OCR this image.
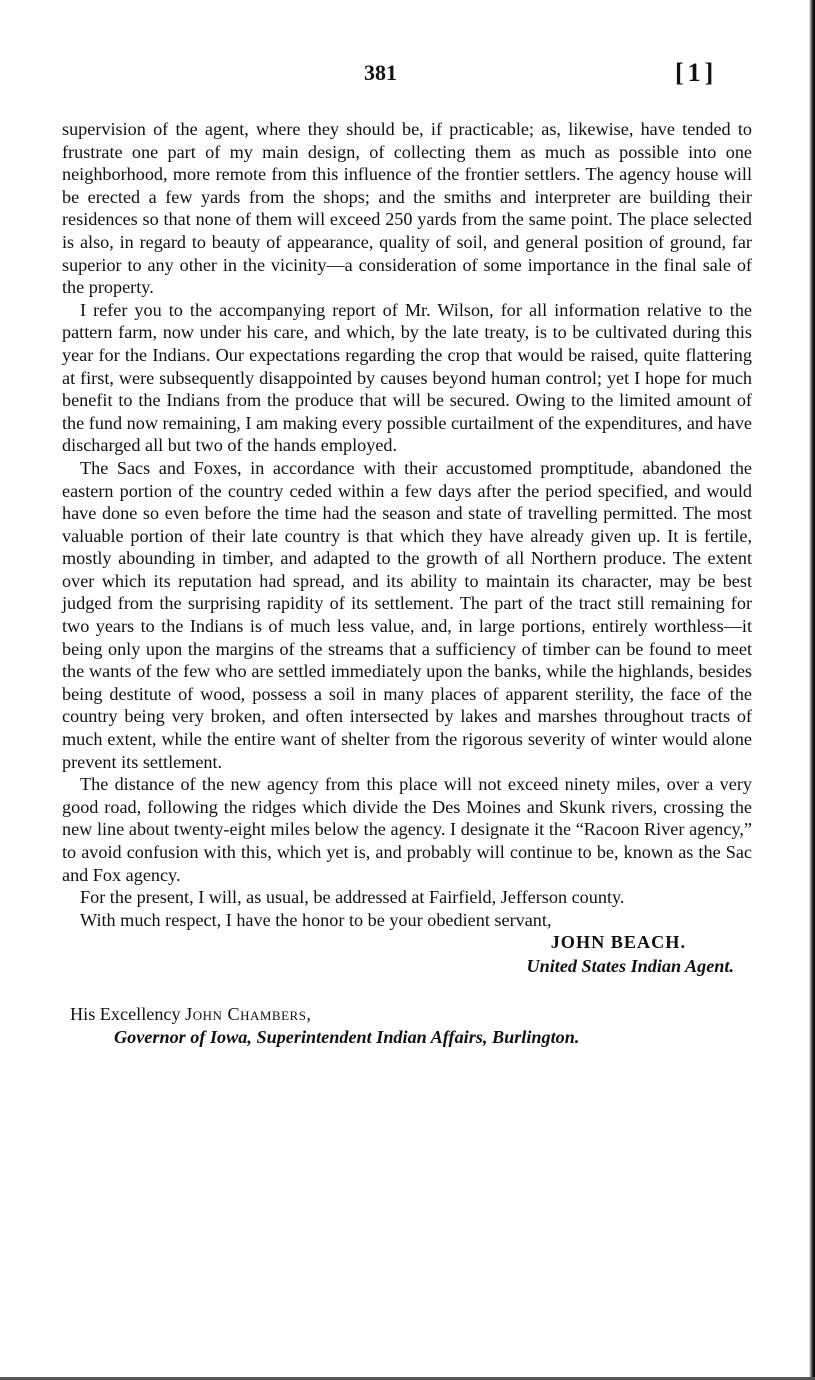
381	[1]

supervision of the agent, where they should be, if practicable; as, likewise, have tended to frustrate one part of my main design, of collecting them as much as possible into one neighborhood, more remote from this influence of the frontier settlers. The agency house will be erected a few yards from the shops; and the smiths and interpreter are building their residences so that none of them will exceed 250 yards from the same point. The place selected is also, in regard to beauty of appearance, quality of soil, and general position of ground, far superior to any other in the vicinity—a consideration of some importance in the final sale of the property.

I refer you to the accompanying report of Mr. Wilson, for all information relative to the pattern farm, now under his care, and which, by the late treaty, is to be cultivated during this year for the Indians. Our expectations regarding the crop that would be raised, quite flattering at first, were subsequently disappointed by causes beyond human control; yet I hope for much benefit to the Indians from the produce that will be secured. Owing to the limited amount of the fund now remaining, I am making every possible curtailment of the expenditures, and have discharged all but two of the hands employed.

The Sacs and Foxes, in accordance with their accustomed promptitude, abandoned the eastern portion of the country ceded within a few days after the period specified, and would have done so even before the time had the season and state of travelling permitted. The most valuable portion of their late country is that which they have already given up. It is fertile, mostly abounding in timber, and adapted to the growth of all Northern produce. The extent over which its reputation had spread, and its ability to maintain its character, may be best judged from the surprising rapidity of its settlement. The part of the tract still remaining for two years to the Indians is of much less value, and, in large portions, entirely worthless—it being only upon the margins of the streams that a sufficiency of timber can be found to meet the wants of the few who are settled immediately upon the banks, while the highlands, besides being destitute of wood, possess a soil in many places of apparent sterility, the face of the country being very broken, and often intersected by lakes and marshes throughout tracts of much extent, while the entire want of shelter from the rigorous severity of winter would alone prevent its settlement.

The distance of the new agency from this place will not exceed ninety miles, over a very good road, following the ridges which divide the Des Moines and Skunk rivers, crossing the new line about twenty-eight miles below the agency. I designate it the “Racoon River agency,” to avoid confusion with this, which yet is, and probably will continue to be, known as the Sac and Fox agency.

For the present, I will, as usual, be addressed at Fairfield, Jefferson county.

With much respect, I have the honor to be your obedient servant,

JOHN BEACH.
United States Indian Agent.
His Excellency John Chambers,
Governor of Iowa, Superintendent Indian Affairs, Burlington.
